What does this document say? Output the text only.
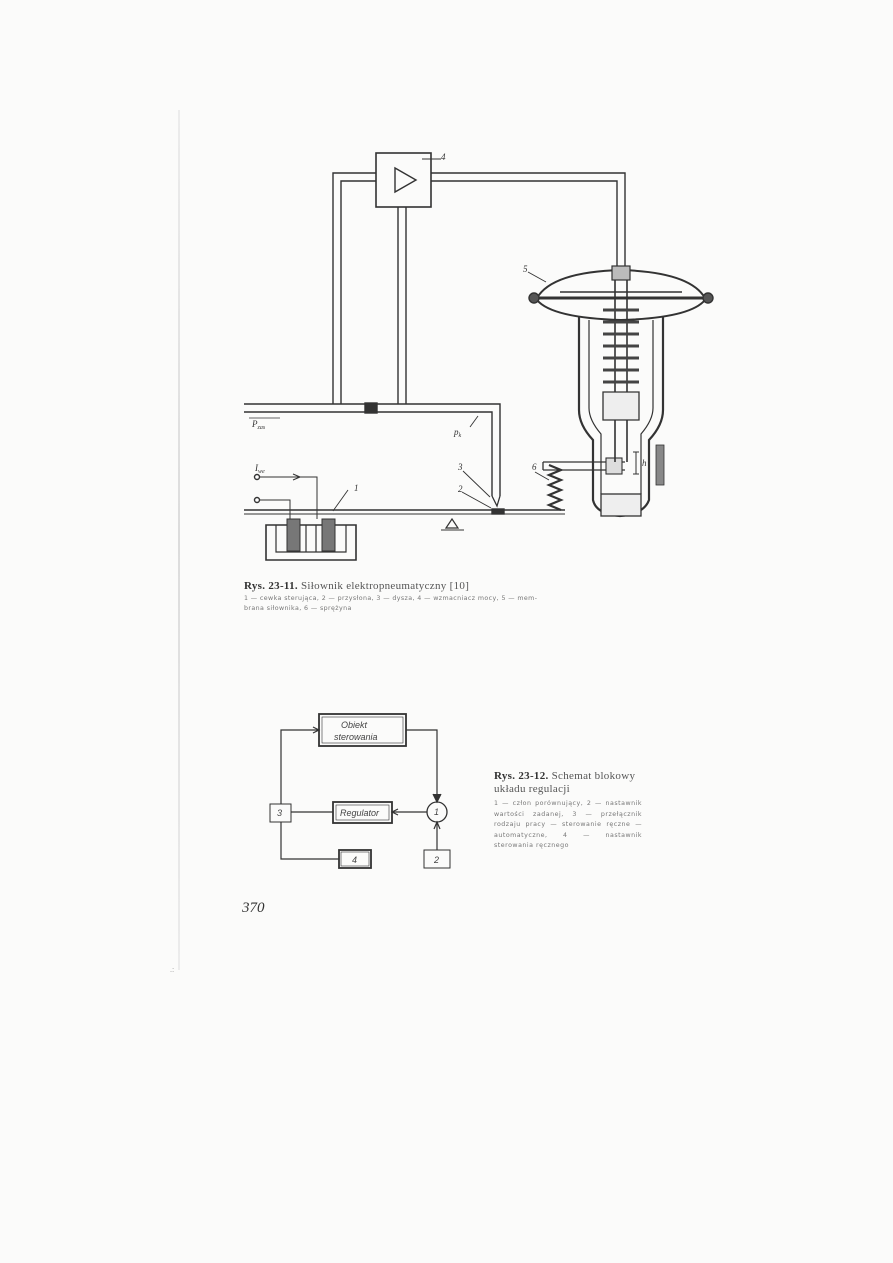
4
5
1	2
3	6	h
$P_{zas}$	$p_k$
$I_{we}$
Obiekt
sterowania
Regulator	1
3
4	2
Rys. 23-11. Siłownik elektropneumatyczny [10]
1 — cewka sterująca, 2 — przysłona, 3 — dysza, 4 — wzmacniacz mocy, 5 — mem-
brana siłownika, 6 — sprężyna
Rys. 23-12. Schemat blokowy układu regulacji
1 — człon porównujący, 2 — nastawnik wartości zadanej, 3 — przełącznik rodzaju pracy — sterowanie ręczne — automatyczne, 4 — nastawnik sterowania ręcznego
370
.:
